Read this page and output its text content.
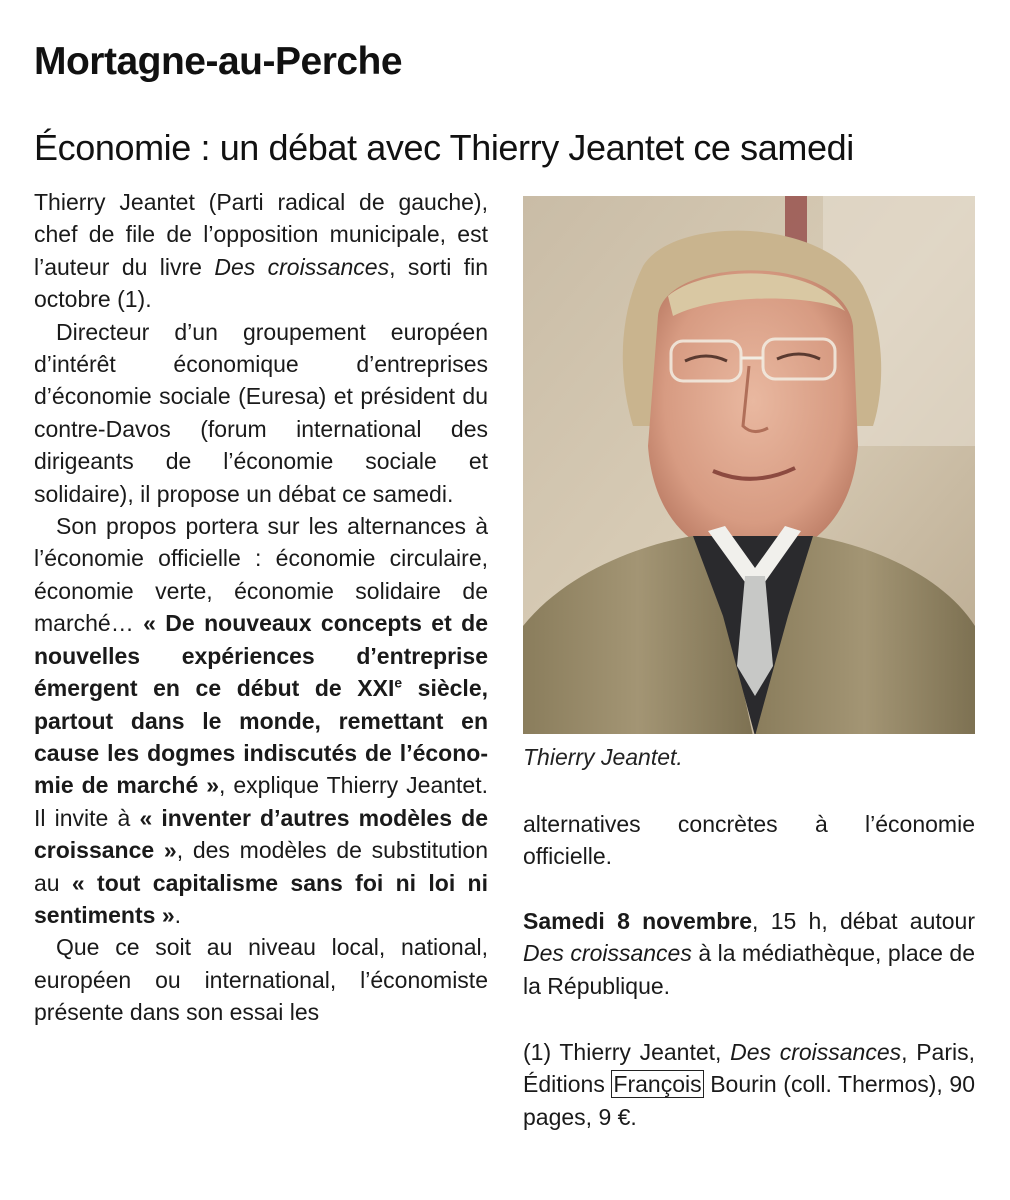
Mortagne-au-Perche
Économie : un débat avec Thierry Jeantet ce samedi

Thierry Jeantet (Parti radical de gauche), chef de file de l’opposition municipale, est l’auteur du livre Des croissances, sorti fin octobre (1).

Directeur d’un groupement européen d’intérêt économique d’entreprises d’économie sociale (Euresa) et président du contre-Davos (forum international des dirigeants de l’économie sociale et solidaire), il propose un débat ce samedi.

Son propos portera sur les alternances à l’économie officielle : économie circulaire, économie verte, économie solidaire de marché… « De nouveaux concepts et de nouvelles expériences d’entreprise émergent en ce début de XXIe siècle, partout dans le monde, remettant en cause les dogmes indiscutés de l’économie de marché », explique Thierry Jeantet. Il invite à « inventer d’autres modèles de croissance », des modèles de substitution au « tout capitalisme sans foi ni loi ni sentiments ».

Que ce soit au niveau local, national, européen ou international, l’économiste présente dans son essai les

Thierry Jeantet.

alternatives concrètes à l’économie officielle.

Samedi 8 novembre, 15 h, débat autour Des croissances à la médiathèque, place de la République.

(1) Thierry Jeantet, Des croissances, Paris, Éditions François Bourin (coll. Thermos), 90 pages, 9 €.
